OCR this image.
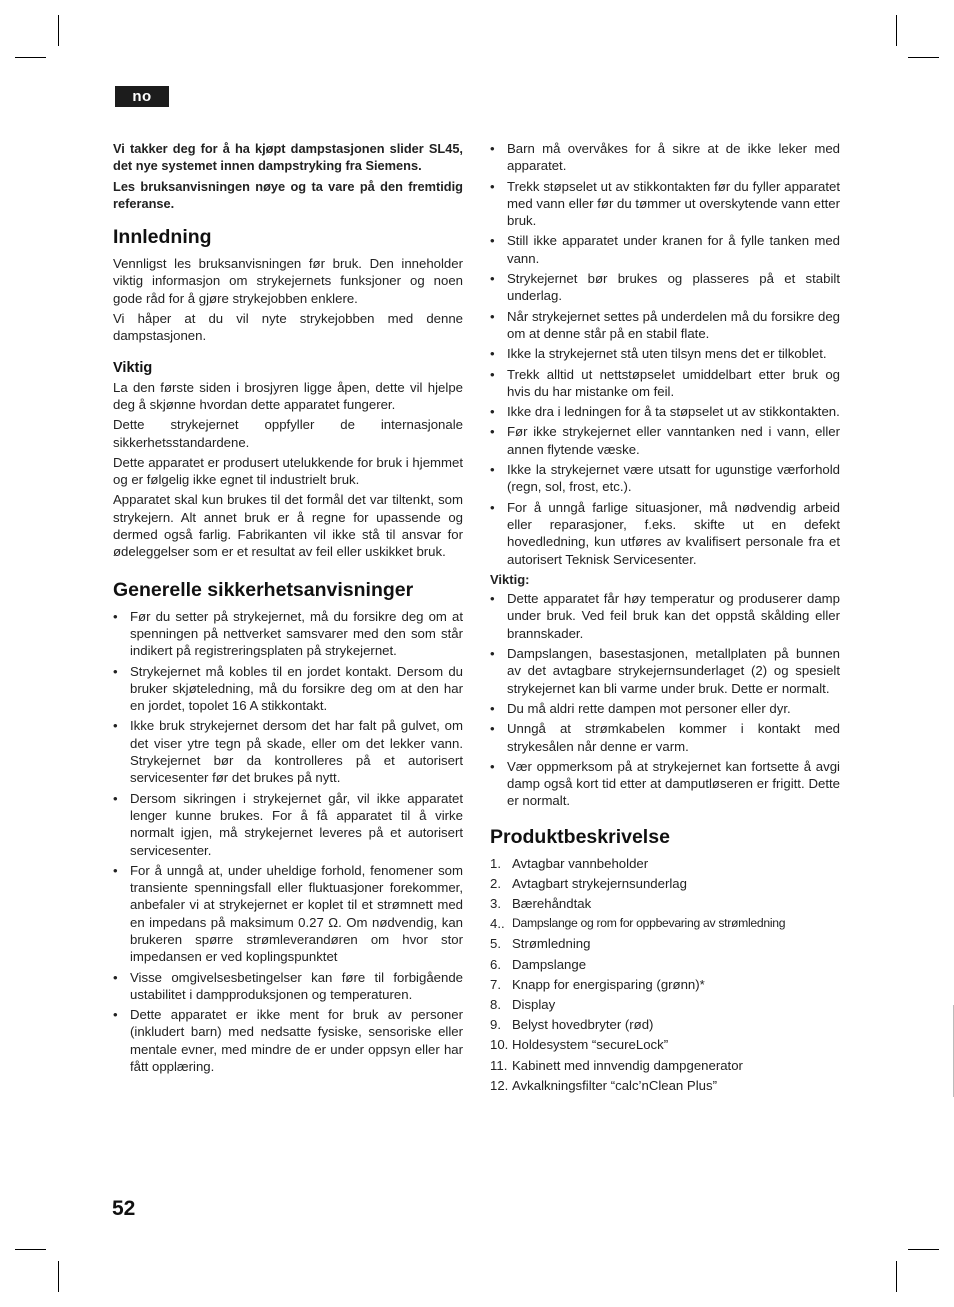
no

Vi takker deg for å ha kjøpt dampstasjonen slider SL45, det nye systemet innen dampstryking fra Siemens.

Les bruksanvisningen nøye og ta vare på den fremtidig referanse.

Innledning

Vennligst les bruksanvisningen før bruk. Den inneholder viktig informasjon om strykejernets funksjoner og noen gode råd for å gjøre strykejobben enklere.

Vi håper at du vil nyte strykejobben med denne dampstasjonen.

Viktig

La den første siden i brosjyren ligge åpen, dette vil hjelpe deg å skjønne hvordan dette apparatet fungerer.

Dette strykejernet oppfyller de internasjonale sikkerhetsstandardene.

Dette apparatet er produsert utelukkende for bruk i hjemmet og er følgelig ikke egnet til industrielt bruk.

Apparatet skal kun brukes til det formål det var tiltenkt, som strykejern. Alt annet bruk er å regne for upassende og dermed også farlig. Fabrikanten vil ikke stå til ansvar for ødeleggelser som er et resultat av feil eller uskikket bruk.

Generelle sikkerhetsanvisninger
• Før du setter på strykejernet, må du forsikre deg om at spenningen på nettverket samsvarer med den som står indikert på registreringsplaten på strykejernet.
• Strykejernet må kobles til en jordet kontakt. Dersom du bruker skjøteledning, må du forsikre deg om at den har en jordet, topolet 16 A stikkontakt.
• Ikke bruk strykejernet dersom det har falt på gulvet, om det viser ytre tegn på skade, eller om det lekker vann. Strykejernet bør da kontrolleres på et autorisert servicesenter før det brukes på nytt.
• Dersom sikringen i strykejernet går, vil ikke apparatet lenger kunne brukes. For å få apparatet til å virke normalt igjen, må strykejernet leveres på et autorisert servicesenter.
• For å unngå at, under uheldige forhold, fenomener som transiente spenningsfall eller fluktuasjoner forekommer, anbefaler vi at strykejernet er koplet til et strømnett med en impedans på maksimum 0.27 Ω. Om nødvendig, kan brukeren spørre strømleverandøren om hvor stor impedansen er ved koplingspunktet
• Visse omgivelsesbetingelser kan føre til forbigående ustabilitet i dampproduksjonen og temperaturen.
• Dette apparatet er ikke ment for bruk av personer (inkludert barn) med nedsatte fysiske, sensoriske eller mentale evner, med mindre de er under oppsyn eller har fått opplæring.
• Barn må overvåkes for å sikre at de ikke leker med apparatet.
• Trekk støpselet ut av stikkontakten før du fyller apparatet med vann eller før du tømmer ut overskytende vann etter bruk.
• Still ikke apparatet under kranen for å fylle tanken med vann.
• Strykejernet bør brukes og plasseres på et stabilt underlag.
• Når strykejernet settes på underdelen må du forsikre deg om at denne står på en stabil flate.
• Ikke la strykejernet stå uten tilsyn mens det er tilkoblet.
• Trekk alltid ut nettstøpselet umiddelbart etter bruk og hvis du har mistanke om feil.
• Ikke dra i ledningen for å ta støpselet ut av stikkontakten.
• Før ikke strykejernet eller vanntanken ned i vann, eller annen flytende væske.
• Ikke la strykejernet være utsatt for ugunstige værforhold (regn, sol, frost, etc.).
• For å unngå farlige situasjoner, må nødvendig arbeid eller reparasjoner, f.eks. skifte ut en defekt hovedledning, kun utføres av kvalifisert personale fra et autorisert Teknisk Servicesenter.

Viktig:

• Dette apparatet får høy temperatur og produserer damp under bruk. Ved feil bruk kan det oppstå skålding eller brannskader.
• Dampslangen, basestasjonen, metallplaten på bunnen av det avtagbare strykejernsunderlaget (2) og spesielt strykejernet kan bli varme under bruk. Dette er normalt.
• Du må aldri rette dampen mot personer eller dyr.
• Unngå at strømkabelen kommer i kontakt med strykesålen når denne er varm.
• Vær oppmerksom på at strykejernet kan fortsette å avgi damp også kort tid etter at damputløseren er frigitt. Dette er normalt.
Produktbeskrivelse
1. Avtagbar vannbeholder
2. Avtagbart strykejernsunderlag
3. Bærehåndtak
4.. Dampslange og rom for oppbevaring av strømledning
5. Strømledning
6. Dampslange
7. Knapp for energisparing (grønn)*
8. Display
9. Belyst hovedbryter (rød)
10. Holdesystem “secureLock”
11. Kabinett med innvendig dampgenerator
12. Avkalkningsfilter “calc’nClean Plus”
52
